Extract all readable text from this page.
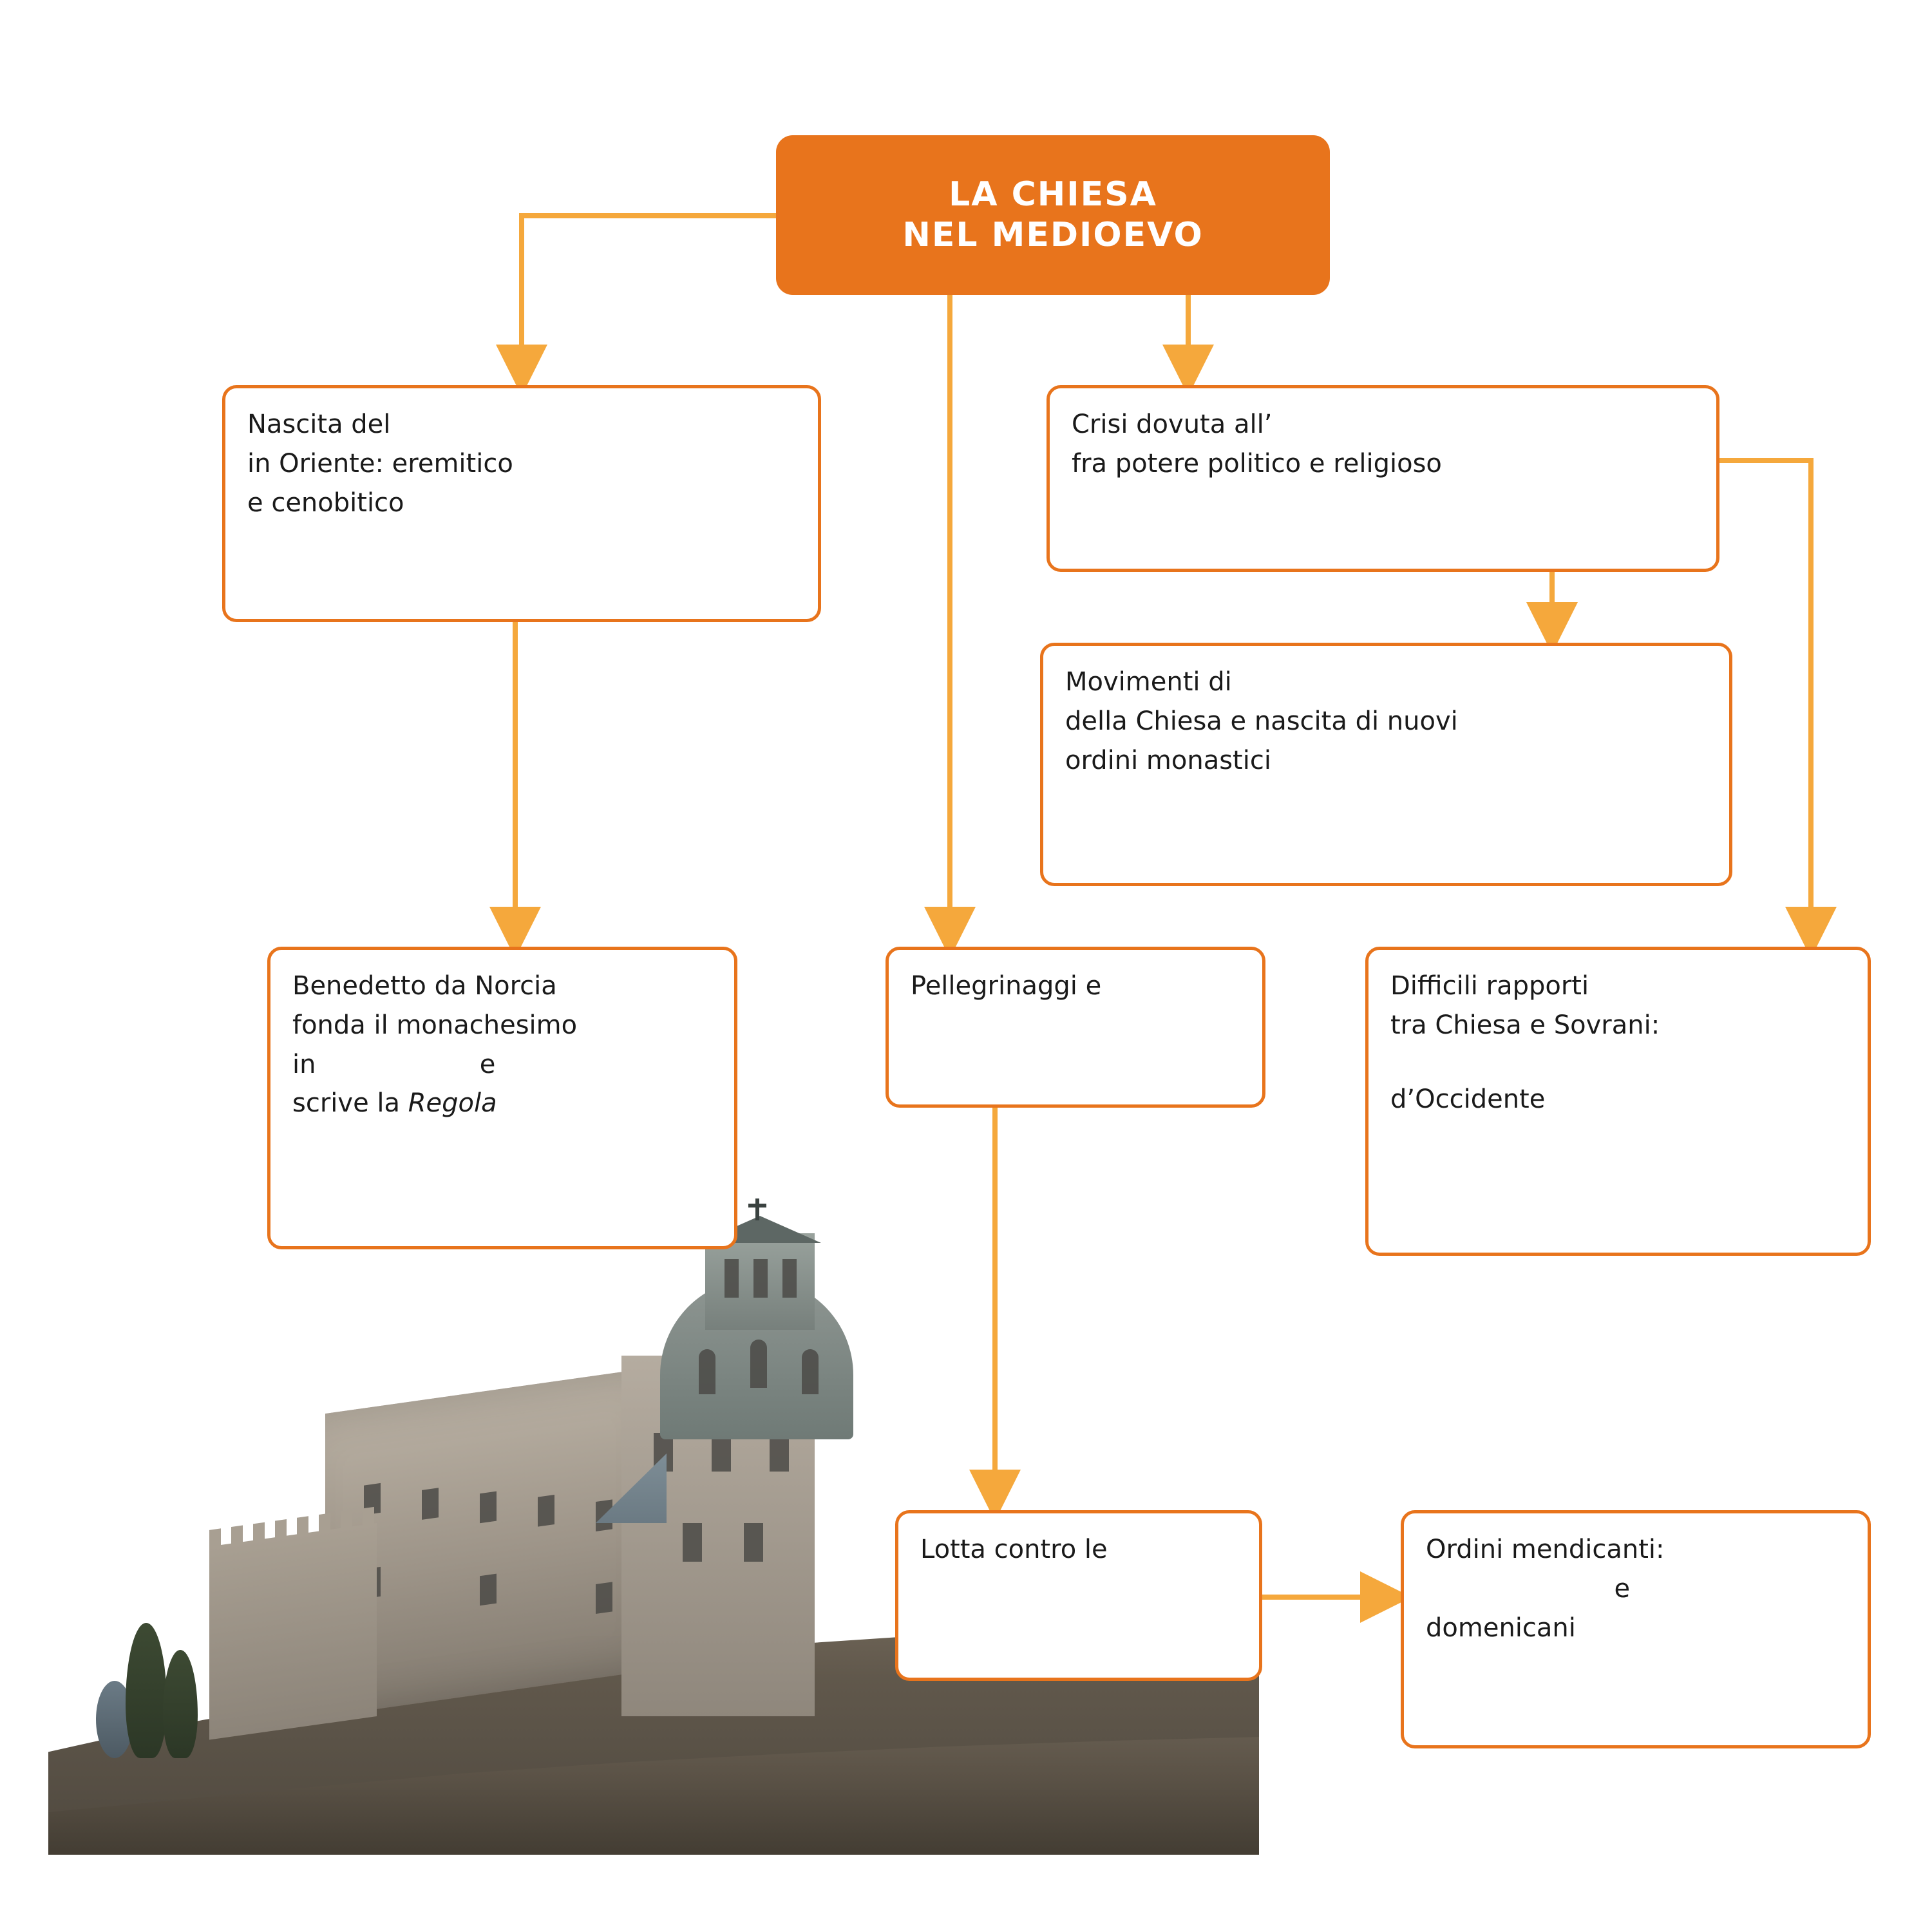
LA CHIESA
NEL MEDIOEVO
Nascita del
in Oriente: eremitico
e cenobitico
Crisi dovuta all’
fra potere politico e religioso
Movimenti di
della Chiesa e nascita di nuovi
ordini monastici
Benedetto da Norcia
fonda il monachesimo
in                    e
scrive la Regola
Pellegrinaggi e	Difficili rapporti
tra Chiesa e Sovrani:
d’Occidente
Lotta contro le	Ordini mendicanti:
e
domenicani
